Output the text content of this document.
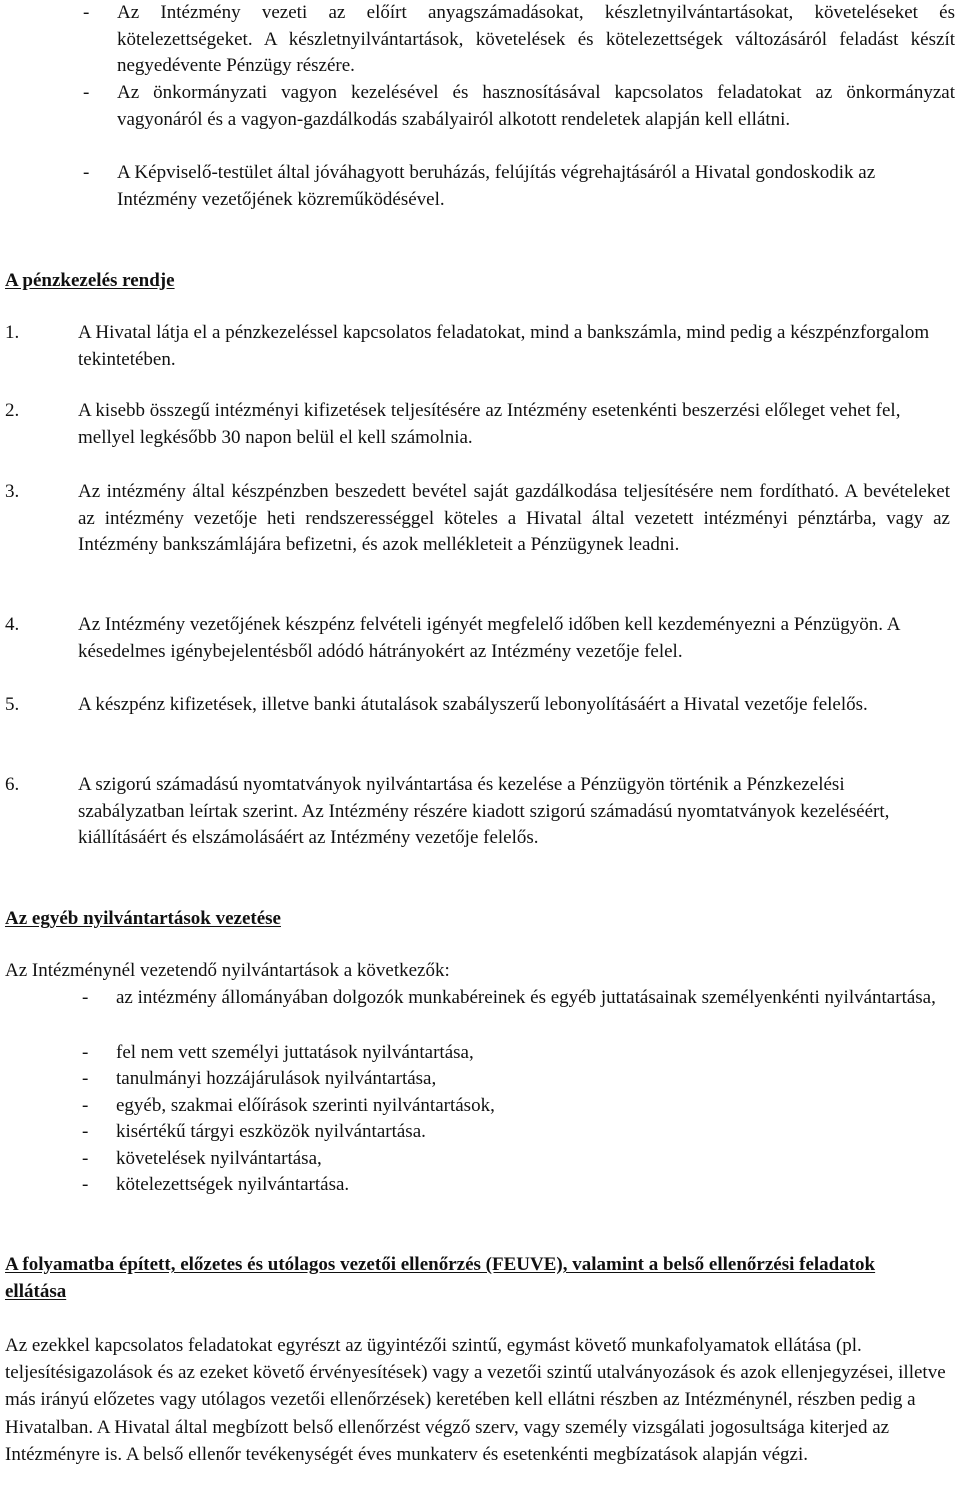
-	Az Intézmény vezeti az előírt anyagszámadásokat, készletnyilvántartásokat, követeléseket és kötelezettségeket. A készletnyilvántartások, követelések és kötelezettségek változásáról feladást készít negyedévente Pénzügy részére.
-	Az önkormányzati vagyon kezelésével és hasznosításával kapcsolatos feladatokat az önkormányzat vagyonáról és a vagyon-gazdálkodás szabályairól alkotott rendeletek alapján kell ellátni.
-	A Képviselő-testület által jóváhagyott beruházás, felújítás végrehajtásáról a Hivatal gondoskodik az Intézmény vezetőjének közreműködésével.
A pénzkezelés rendje
1.	A Hivatal látja el a pénzkezeléssel kapcsolatos feladatokat, mind a bankszámla, mind pedig a készpénzforgalom tekintetében.
2.	A kisebb összegű intézményi kifizetések teljesítésére az Intézmény esetenkénti beszerzési előleget vehet fel, mellyel legkésőbb 30 napon belül el kell számolnia.
3.	Az intézmény által készpénzben beszedett bevétel saját gazdálkodása teljesítésére nem fordítható. A bevételeket az intézmény vezetője heti rendszerességgel köteles a Hivatal által vezetett intézményi pénztárba, vagy az Intézmény bankszámlájára befizetni, és azok mellékleteit a Pénzügynek leadni.
4.	Az Intézmény vezetőjének készpénz felvételi igényét megfelelő időben kell kezdeményezni a Pénzügyön. A késedelmes igénybejelentésből adódó hátrányokért az Intézmény vezetője felel.
5.	A készpénz kifizetések, illetve banki átutalások szabályszerű lebonyolításáért a Hivatal vezetője felelős.
6.	A szigorú számadású nyomtatványok nyilvántartása és kezelése a Pénzügyön történik a Pénzkezelési szabályzatban leírtak szerint. Az Intézmény részére kiadott szigorú számadású nyomtatványok kezeléséért, kiállításáért és elszámolásáért az Intézmény vezetője felelős.
Az egyéb nyilvántartások vezetése
Az Intézménynél vezetendő nyilvántartások a következők:
-	az intézmény állományában dolgozók munkabéreinek és egyéb juttatásainak személyenkénti nyilvántartása,
-	fel nem vett személyi juttatások nyilvántartása,
-	tanulmányi hozzájárulások nyilvántartása,
-	egyéb, szakmai előírások szerinti nyilvántartások,
-	kisértékű tárgyi eszközök nyilvántartása.
-	követelések nyilvántartása,
-	kötelezettségek nyilvántartása.
A folyamatba épített, előzetes és utólagos vezetői ellenőrzés (FEUVE), valamint a belső ellenőrzési feladatok ellátása
Az ezekkel kapcsolatos feladatokat egyrészt az ügyintézői szintű, egymást követő munkafolyamatok ellátása (pl. teljesítésigazolások és az ezeket követő érvényesítések) vagy a vezetői szintű utalványozások és azok ellenjegyzései, illetve más irányú előzetes vagy utólagos vezetői ellenőrzések) keretében kell ellátni részben az Intézménynél, részben pedig a Hivatalban. A Hivatal által megbízott belső ellenőrzést végző szerv, vagy személy vizsgálati jogosultsága kiterjed az Intézményre is. A belső ellenőr tevékenységét éves munkaterv és esetenkénti megbízatások alapján végzi.
